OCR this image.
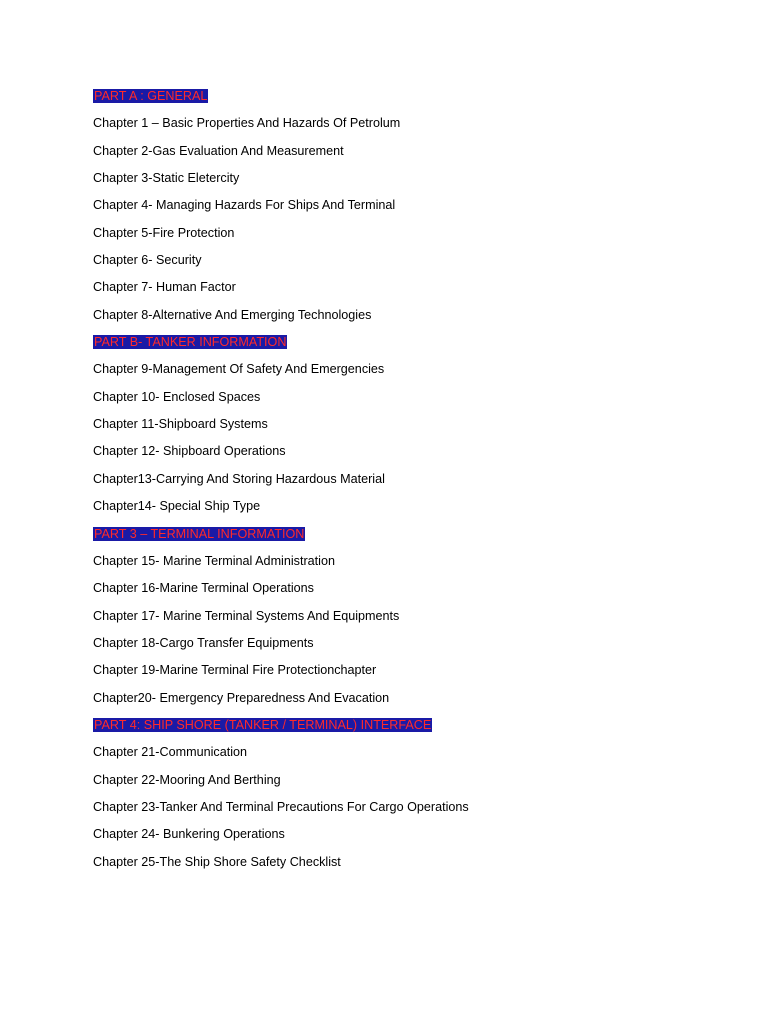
PART A : GENERAL
Chapter 1 – Basic Properties And Hazards Of Petrolum
Chapter 2-Gas Evaluation And Measurement
Chapter 3-Static Eletercity
Chapter 4- Managing Hazards For Ships And Terminal
Chapter 5-Fire Protection
Chapter 6- Security
Chapter 7- Human Factor
Chapter 8-Alternative And Emerging Technologies
PART B- TANKER INFORMATION
Chapter 9-Management Of Safety And Emergencies
Chapter 10- Enclosed Spaces
Chapter 11-Shipboard Systems
Chapter 12- Shipboard Operations
Chapter13-Carrying And Storing Hazardous Material
Chapter14- Special Ship Type
PART 3 – TERMINAL INFORMATION
Chapter 15- Marine Terminal Administration
Chapter 16-Marine Terminal Operations
Chapter 17- Marine Terminal Systems And Equipments
Chapter 18-Cargo Transfer Equipments
Chapter 19-Marine Terminal Fire Protectionchapter
Chapter20- Emergency Preparedness And Evacation
PART 4: SHIP SHORE (TANKER / TERMINAL) INTERFACE
Chapter 21-Communication
Chapter 22-Mooring And Berthing
Chapter 23-Tanker And Terminal Precautions For Cargo Operations
Chapter 24- Bunkering Operations
Chapter 25-The Ship Shore Safety Checklist
